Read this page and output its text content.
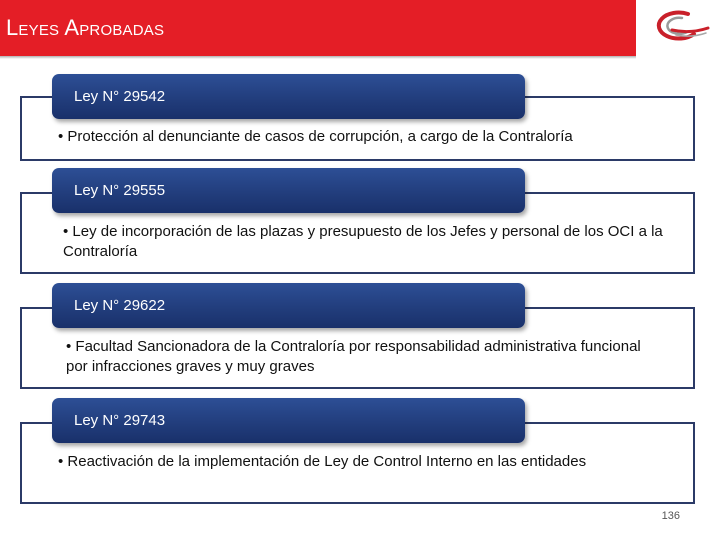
Leyes Aprobadas
• Protección al denunciante de casos de corrupción, a cargo de la Contraloría
Ley N° 29542
• Ley de incorporación de las plazas y presupuesto de los Jefes y personal de los OCI a la Contraloría
Ley N° 29555
• Facultad Sancionadora de la Contraloría por responsabilidad administrativa funcional por infracciones graves y muy graves
Ley N° 29622
• Reactivación de la implementación de Ley de Control Interno en las entidades
Ley N° 29743
136
